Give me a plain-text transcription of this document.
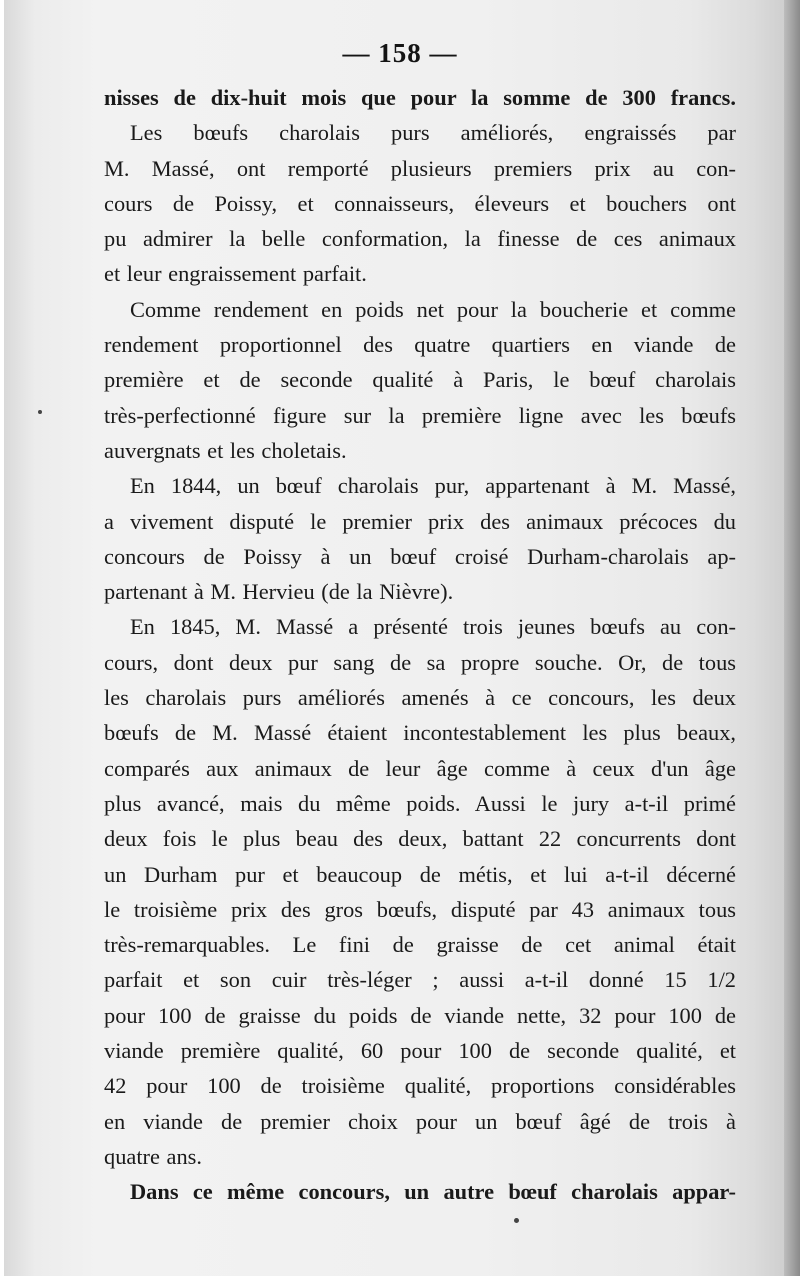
— 158 —
nisses de dix-huit mois que pour la somme de 300 francs.
Les bœufs charolais purs améliorés, engraissés par
M. Massé, ont remporté plusieurs premiers prix au con-
cours de Poissy, et connaisseurs, éleveurs et bouchers ont
pu admirer la belle conformation, la finesse de ces animaux
et leur engraissement parfait.
Comme rendement en poids net pour la boucherie et comme
rendement proportionnel des quatre quartiers en viande de
première et de seconde qualité à Paris, le bœuf charolais
très-perfectionné figure sur la première ligne avec les bœufs
auvergnats et les choletais.
En 1844, un bœuf charolais pur, appartenant à M. Massé,
a vivement disputé le premier prix des animaux précoces du
concours de Poissy à un bœuf croisé Durham-charolais ap-
partenant à M. Hervieu (de la Nièvre).
En 1845, M. Massé a présenté trois jeunes bœufs au con-
cours, dont deux pur sang de sa propre souche. Or, de tous
les charolais purs améliorés amenés à ce concours, les deux
bœufs de M. Massé étaient incontestablement les plus beaux,
comparés aux animaux de leur âge comme à ceux d'un âge
plus avancé, mais du même poids. Aussi le jury a-t-il primé
deux fois le plus beau des deux, battant 22 concurrents dont
un Durham pur et beaucoup de métis, et lui a-t-il décerné
le troisième prix des gros bœufs, disputé par 43 animaux tous
très-remarquables. Le fini de graisse de cet animal était
parfait et son cuir très-léger ; aussi a-t-il donné 15 1/2
pour 100 de graisse du poids de viande nette, 32 pour 100 de
viande première qualité, 60 pour 100 de seconde qualité, et
42 pour 100 de troisième qualité, proportions considérables
en viande de premier choix pour un bœuf âgé de trois à
quatre ans.
Dans ce même concours, un autre bœuf charolais appar-
